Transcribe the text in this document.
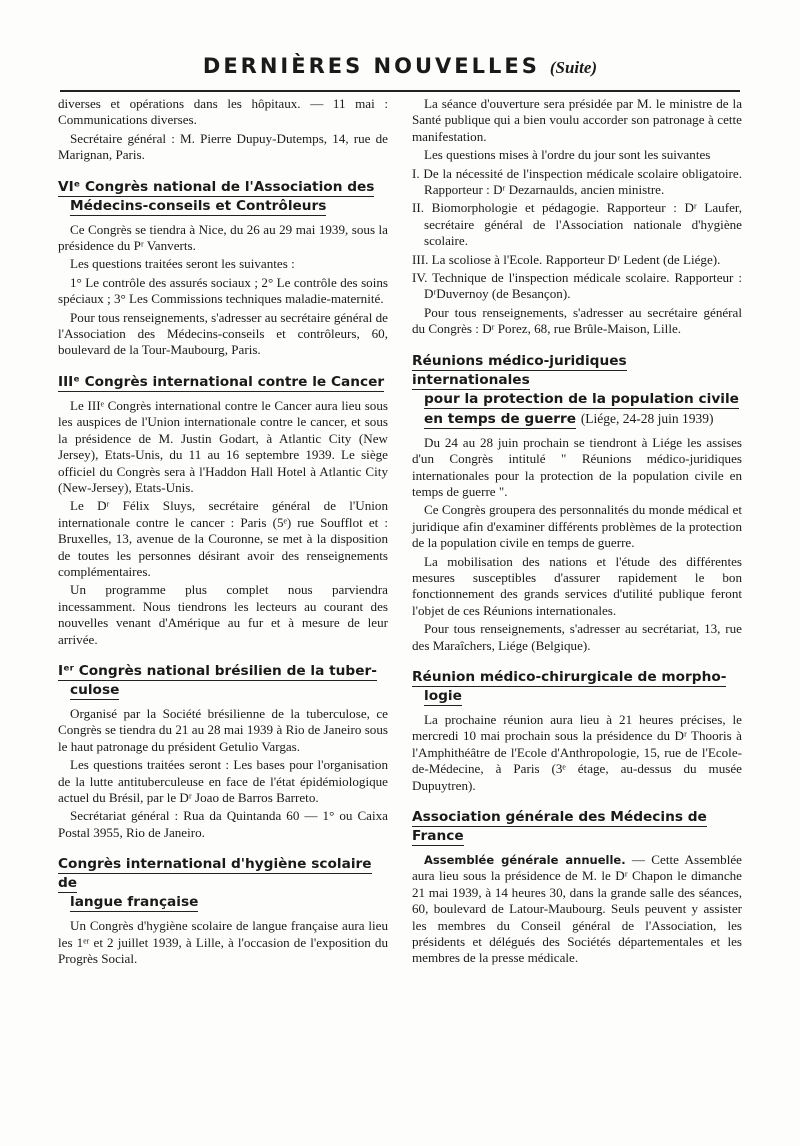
DERNIÈRES NOUVELLES (Suite)

diverses et opérations dans les hôpitaux. — 11 mai : Communications diverses.

Secrétaire général : M. Pierre Dupuy-Dutemps, 14, rue de Marignan, Paris.

VIᵉ Congrès national de l'Association des
Médecins-conseils et Contrôleurs

Ce Congrès se tiendra à Nice, du 26 au 29 mai 1939, sous la présidence du Pʳ Vanverts.

Les questions traitées seront les suivantes :

1° Le contrôle des assurés sociaux ; 2° Le contrôle des soins spéciaux ; 3° Les Commissions techniques maladie-maternité.

Pour tous renseignements, s'adresser au secrétaire général de l'Association des Médecins-conseils et contrôleurs, 60, boulevard de la Tour-Maubourg, Paris.

IIIᵉ Congrès international contre le Cancer

Le IIIᵉ Congrès international contre le Cancer aura lieu sous les auspices de l'Union internationale contre le cancer, et sous la présidence de M. Justin Godart, à Atlantic City (New Jersey), Etats-Unis, du 11 au 16 septembre 1939. Le siège officiel du Congrès sera à l'Haddon Hall Hotel à Atlantic City (New-Jersey), Etats-Unis.

Le Dʳ Félix Sluys, secrétaire général de l'Union internationale contre le cancer : Paris (5ᵉ) rue Soufflot et : Bruxelles, 13, avenue de la Couronne, se met à la disposition de toutes les personnes désirant avoir des renseignements complémentaires.

Un programme plus complet nous parviendra incessamment. Nous tiendrons les lecteurs au courant des nouvelles venant d'Amérique au fur et à mesure de leur arrivée.

Iᵉʳ Congrès national brésilien de la tuber-
culose

Organisé par la Société brésilienne de la tuberculose, ce Congrès se tiendra du 21 au 28 mai 1939 à Rio de Janeiro sous le haut patronage du président Getulio Vargas.

Les questions traitées seront : Les bases pour l'organisation de la lutte antituberculeuse en face de l'état épidémiologique actuel du Brésil, par le Dʳ Joao de Barros Barreto.

Secrétariat général : Rua da Quintanda 60 — 1° ou Caixa Postal 3955, Rio de Janeiro.

Congrès international d'hygiène scolaire de
langue française

Un Congrès d'hygiène scolaire de langue française aura lieu les 1ᵉʳ et 2 juillet 1939, à Lille, à l'occasion de l'exposition du Progrès Social.

La séance d'ouverture sera présidée par M. le ministre de la Santé publique qui a bien voulu accorder son patronage à cette manifestation.

Les questions mises à l'ordre du jour sont les suivantes

I. De la nécessité de l'inspection médicale scolaire obligatoire. Rapporteur : Dʳ Dezarnaulds, ancien ministre.

II. Biomorphologie et pédagogie. Rapporteur : Dʳ Laufer, secrétaire général de l'Association nationale d'hygiène scolaire.

III. La scoliose à l'Ecole. Rapporteur Dʳ Ledent (de Liége).

IV. Technique de l'inspection médicale scolaire. Rapporteur : DʳDuvernoy (de Besançon).

Pour tous renseignements, s'adresser au secrétaire général du Congrès : Dʳ Porez, 68, rue Brûle-Maison, Lille.

Réunions médico-juridiques internationales
pour la protection de la population civile
en temps de guerre (Liége, 24-28 juin 1939)

Du 24 au 28 juin prochain se tiendront à Liége les assises d'un Congrès intitulé " Réunions médico-juridiques internationales pour la protection de la population civile en temps de guerre ".

Ce Congrès groupera des personnalités du monde médical et juridique afin d'examiner différents problèmes de la protection de la population civile en temps de guerre.

La mobilisation des nations et l'étude des différentes mesures susceptibles d'assurer rapidement le bon fonctionnement des grands services d'utilité publique feront l'objet de ces Réunions internationales.

Pour tous renseignements, s'adresser au secrétariat, 13, rue des Maraîchers, Liége (Belgique).

Réunion médico-chirurgicale de morpho-
logie

La prochaine réunion aura lieu à 21 heures précises, le mercredi 10 mai prochain sous la présidence du Dʳ Thooris à l'Amphithéâtre de l'Ecole d'Anthropologie, 15, rue de l'Ecole-de-Médecine, à Paris (3ᵉ étage, au-dessus du musée Dupuytren).

Association générale des Médecins de France

Assemblée générale annuelle. — Cette Assemblée aura lieu sous la présidence de M. le Dʳ Chapon le dimanche 21 mai 1939, à 14 heures 30, dans la grande salle des séances, 60, boulevard de Latour-Maubourg. Seuls peuvent y assister les membres du Conseil général de l'Association, les présidents et délégués des Sociétés départementales et les membres de la presse médicale.
